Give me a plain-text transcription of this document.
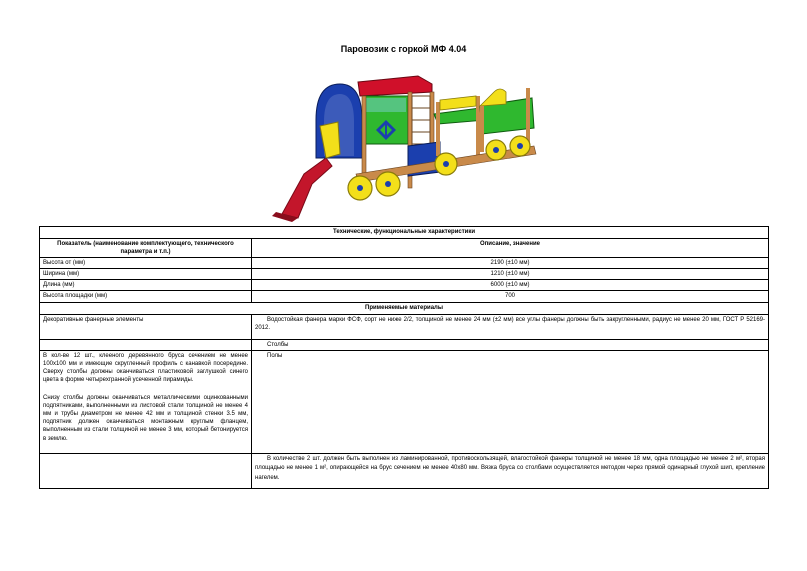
Паровозик с горкой МФ 4.04
Технические, функциональные характеристики	
Показатель (наименование комплектующего, технического параметра и т.п.)	Описание, значение
Высота от (мм)	2190 (±10 мм)
Ширина (мм)	1210 (±10 мм)
Длина (мм)	6000 (±10 мм)
Высота площадки (мм)	700
Применяемые материалы	
Декоративные фанерные элементы	Водостойкая фанера марки ФСФ, сорт не ниже 2/2, толщиной не менее 24 мм (±2 мм) все углы фанеры должны быть закругленными, радиус не менее 20 мм, ГОСТ Р 52169-2012.
	Столбы
В кол-ве 12 шт., клееного деревянного бруса сечением не менее 100х100 мм и имеющие скругленный профиль с канавкой посередине. Сверху столбы должны оканчиваться пластиковой заглушкой синего цвета в форме четырехгранной усеченной пирамиды.
Снизу столбы должны оканчиваться металлическими оцинкованными подпятниками, выполненными из листовой стали толщиной не менее 4 мм и трубы диаметром не менее 42 мм и толщиной стенки 3.5 мм, подпятник должен оканчиваться монтажным круглым фланцем, выполненным из стали толщиной не менее 3 мм, который бетонируется в землю.	Полы
	В количестве 2 шт. должен быть выполнен из ламинированной, противоскользящей, влагостойкой фанеры толщиной не менее 18 мм, одна площадью не менее 2 м², вторая площадью не менее 1 м², опирающейся на брус сечением не менее 40х80 мм. Вязка бруса со столбами осуществляется методом через прямой одинарный глухой шип, крепление нагелем.
